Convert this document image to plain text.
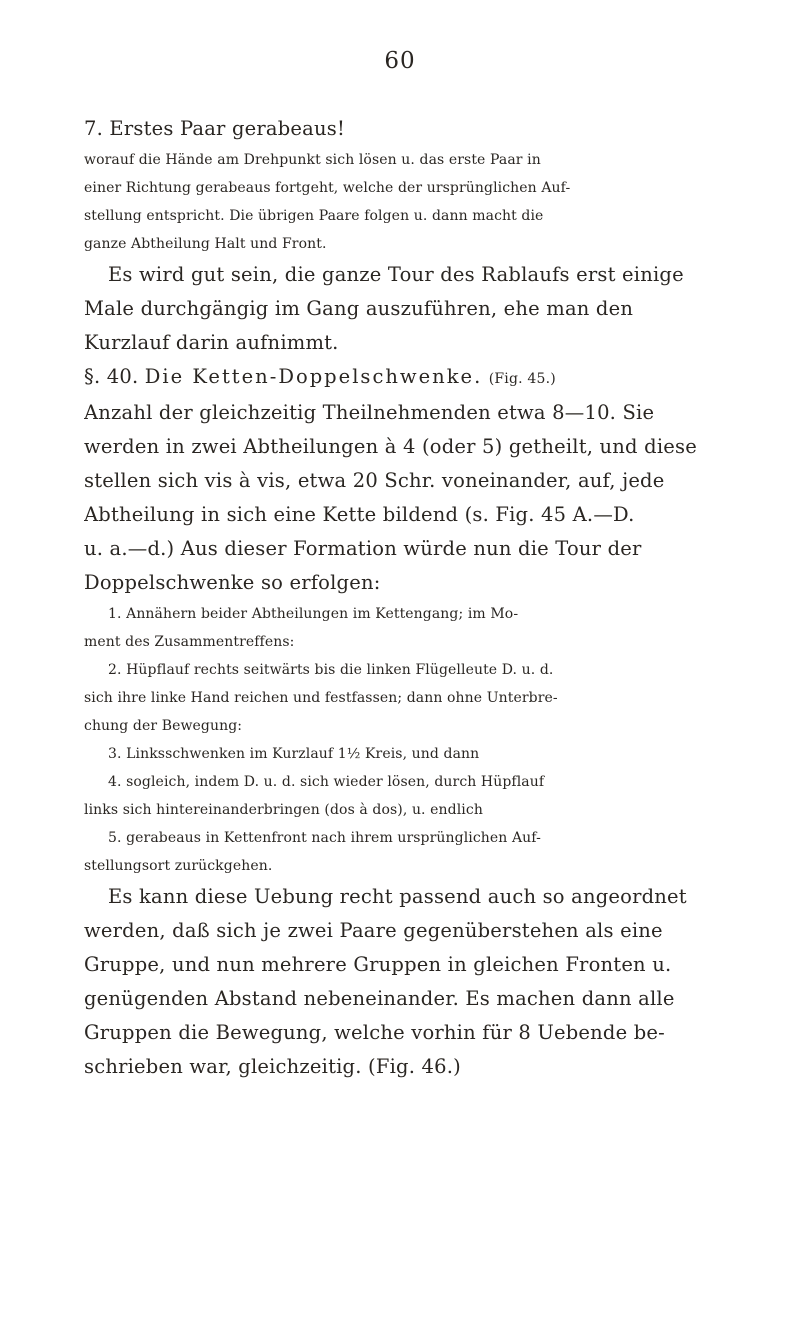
60
7. Erstes Paar gerabeaus!
worauf die Hände am Drehpunkt sich lösen u. das erste Paar in
einer Richtung gerabeaus fortgeht, welche der ursprünglichen Auf-
stellung entspricht. Die übrigen Paare folgen u. dann macht die
ganze Abtheilung Halt und Front.
Es wird gut sein, die ganze Tour des Rablaufs erst einige
Male durchgängig im Gang auszuführen, ehe man den
Kurzlauf darin aufnimmt.
§. 40. Die Ketten-Doppelschwenke. (Fig. 45.)
Anzahl der gleichzeitig Theilnehmenden etwa 8—10. Sie
werden in zwei Abtheilungen à 4 (oder 5) getheilt, und diese
stellen sich vis à vis, etwa 20 Schr. voneinander, auf, jede
Abtheilung in sich eine Kette bildend (s. Fig. 45 A.—D.
u. a.—d.) Aus dieser Formation würde nun die Tour der
Doppelschwenke so erfolgen:
1. Annähern beider Abtheilungen im Kettengang; im Mo-
ment des Zusammentreffens:
2. Hüpflauf rechts seitwärts bis die linken Flügelleute D. u. d.
sich ihre linke Hand reichen und festfassen; dann ohne Unterbre-
chung der Bewegung:
3. Linksschwenken im Kurzlauf 1½ Kreis, und dann
4. sogleich, indem D. u. d. sich wieder lösen, durch Hüpflauf
links sich hintereinanderbringen (dos à dos), u. endlich
5. gerabeaus in Kettenfront nach ihrem ursprünglichen Auf-
stellungsort zurückgehen.
Es kann diese Uebung recht passend auch so angeordnet
werden, daß sich je zwei Paare gegenüberstehen als eine
Gruppe, und nun mehrere Gruppen in gleichen Fronten u.
genügenden Abstand nebeneinander. Es machen dann alle
Gruppen die Bewegung, welche vorhin für 8 Uebende be-
schrieben war, gleichzeitig. (Fig. 46.)
